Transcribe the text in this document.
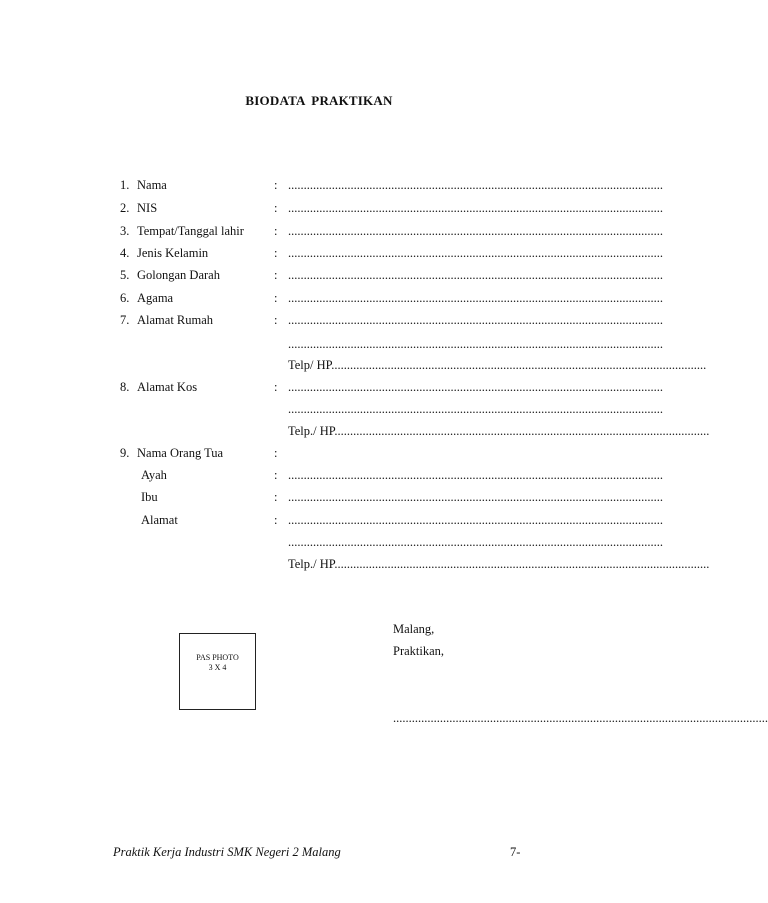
BIODATA PRAKTIKAN
1. Nama	: ........................................................................................................................
2. NIS	: ........................................................................................................................
3. Tempat/Tanggal lahir : ........................................................................................................................
4. Jenis Kelamin	: ........................................................................................................................
5. Golongan Darah	: ........................................................................................................................
6. Agama	: ........................................................................................................................
7. Alamat Rumah	: ........................................................................................................................
........................................................................................................................
Telp/ HP........................................................................................................................
8. Alamat Kos	: ........................................................................................................................
........................................................................................................................
Telp./ HP........................................................................................................................
9. Nama Orang Tua	:
Ayah	: ........................................................................................................................
Ibu	: ........................................................................................................................
Alamat	: ........................................................................................................................
........................................................................................................................
Telp./ HP........................................................................................................................
PAS PHOTO
3 X 4
Malang,
Praktikan,
........................................................................................................................
Praktik Kerja Industri SMK Negeri 2 Malang	7-
